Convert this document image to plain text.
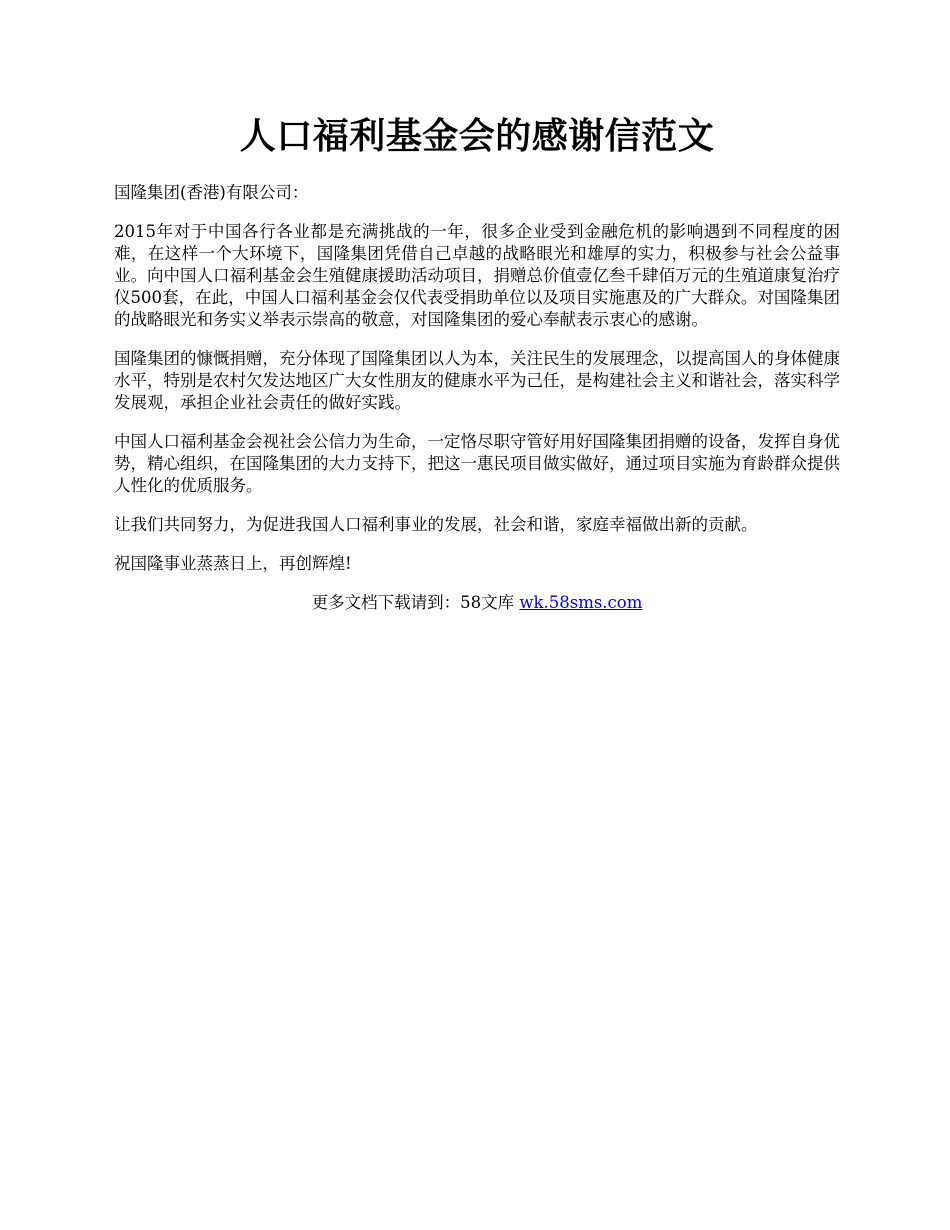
人口福利基金会的感谢信范文

国隆集团(香港)有限公司：

2015年对于中国各行各业都是充满挑战的一年，很多企业受到金融危机的影响遇到不同程度的困难，在这样一个大环境下，国隆集团凭借自己卓越的战略眼光和雄厚的实力，积极参与社会公益事业。向中国人口福利基金会生殖健康援助活动项目，捐赠总价值壹亿叁千肆佰万元的生殖道康复治疗仪500套，在此，中国人口福利基金会仅代表受捐助单位以及项目实施惠及的广大群众。对国隆集团的战略眼光和务实义举表示崇高的敬意，对国隆集团的爱心奉献表示衷心的感谢。

国隆集团的慷慨捐赠，充分体现了国隆集团以人为本，关注民生的发展理念，以提高国人的身体健康水平，特别是农村欠发达地区广大女性朋友的健康水平为己任，是构建社会主义和谐社会，落实科学发展观，承担企业社会责任的做好实践。

中国人口福利基金会视社会公信力为生命，一定恪尽职守管好用好国隆集团捐赠的设备，发挥自身优势，精心组织，在国隆集团的大力支持下，把这一惠民项目做实做好，通过项目实施为育龄群众提供人性化的优质服务。

让我们共同努力，为促进我国人口福利事业的发展，社会和谐，家庭幸福做出新的贡献。

祝国隆事业蒸蒸日上，再创辉煌!

更多文档下载请到：58文库 wk.58sms.com
